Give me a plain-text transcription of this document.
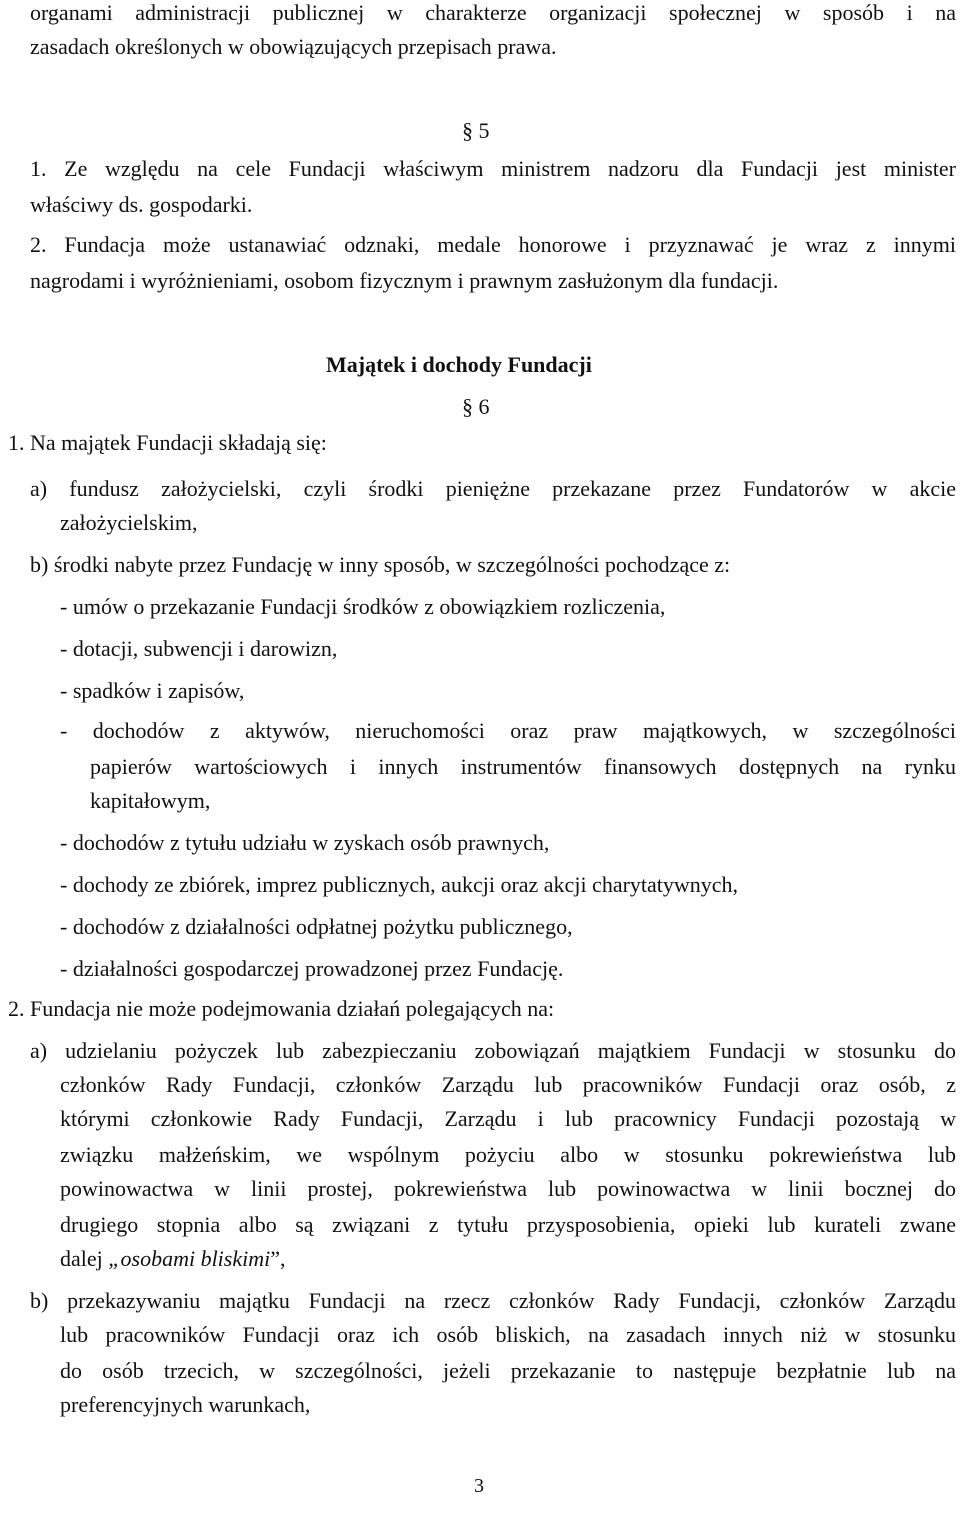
organami administracji publicznej w charakterze organizacji społecznej w sposób i na
zasadach określonych w obowiązujących przepisach prawa.
§ 5
1. Ze względu na cele Fundacji właściwym ministrem nadzoru dla Fundacji jest minister
właściwy ds. gospodarki.
2. Fundacja może ustanawiać odznaki, medale honorowe i przyznawać je wraz z innymi
nagrodami i wyróżnieniami, osobom fizycznym i prawnym zasłużonym dla fundacji.
Majątek i dochody Fundacji
§ 6
1. Na majątek Fundacji składają się:
a) fundusz założycielski, czyli środki pieniężne przekazane przez Fundatorów w akcie
założycielskim,
b) środki nabyte przez Fundację w inny sposób, w szczególności pochodzące z:
- umów o przekazanie Fundacji środków z obowiązkiem rozliczenia,
- dotacji, subwencji i darowizn,
- spadków i zapisów,
- dochodów z aktywów, nieruchomości oraz praw majątkowych, w szczególności
papierów wartościowych i innych instrumentów finansowych dostępnych na rynku
kapitałowym,
- dochodów z tytułu udziału w zyskach osób prawnych,
- dochody ze zbiórek, imprez publicznych, aukcji oraz akcji charytatywnych,
- dochodów z działalności odpłatnej pożytku publicznego,
- działalności gospodarczej prowadzonej przez Fundację.
2. Fundacja nie może podejmowania działań polegających na:
a) udzielaniu pożyczek lub zabezpieczaniu zobowiązań majątkiem Fundacji w stosunku do
członków Rady Fundacji, członków Zarządu lub pracowników Fundacji oraz osób, z
którymi członkowie Rady Fundacji, Zarządu i lub pracownicy Fundacji pozostają w
związku małżeńskim, we wspólnym pożyciu albo w stosunku pokrewieństwa lub
powinowactwa w linii prostej, pokrewieństwa lub powinowactwa w linii bocznej do
drugiego stopnia albo są związani z tytułu przysposobienia, opieki lub kurateli zwane
dalej „osobami bliskimi”,
b) przekazywaniu majątku Fundacji na rzecz członków Rady Fundacji, członków Zarządu
lub pracowników Fundacji oraz ich osób bliskich, na zasadach innych niż w stosunku
do osób trzecich, w szczególności, jeżeli przekazanie to następuje bezpłatnie lub na
preferencyjnych warunkach,
3
